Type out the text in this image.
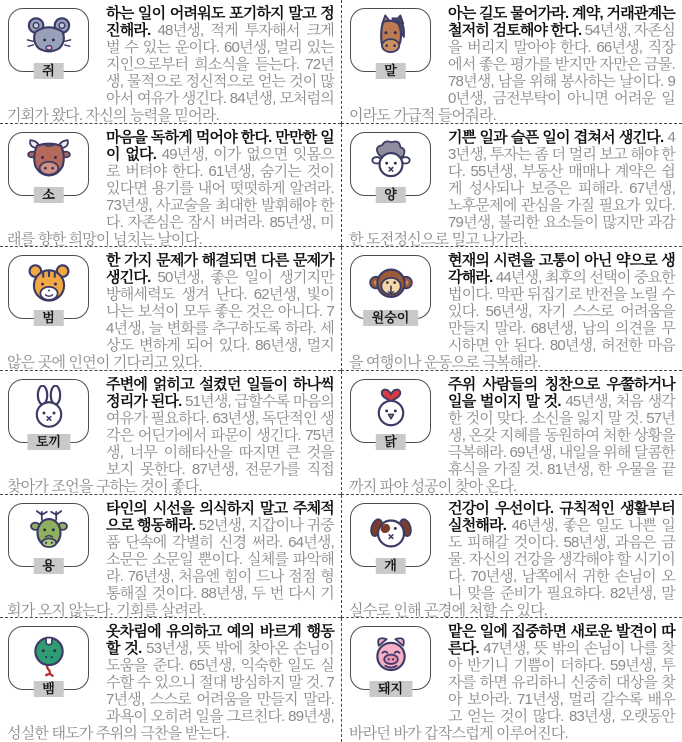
쥐

하는 일이 어려워도 포기하지 말고 정진해라. 48년생, 적게 투자해서 크게 벌 수 있는 운이다. 60년생, 멀리 있는 지인으로부터 희소식을 듣는다. 72년생, 물적으로 정신적으로 얻는 것이 많아서 여유가 생긴다. 84년생, 모처럼의 기회가 왔다. 자신의 능력을 믿어라.

말

아는 길도 물어가라. 계약, 거래관계는 철저히 검토해야 한다. 54년생, 자존심을 버리지 말아야 한다. 66년생, 직장에서 좋은 평가를 받지만 자만은 금물. 78년생, 남을 위해 봉사하는 날이다. 90년생, 금전부탁이 아니면 어려운 일이라도 가급적 들어줘라.

소

마음을 독하게 먹어야 한다. 만만한 일이 없다. 49년생, 이가 없으면 잇몸으로 버텨야 한다. 61년생, 숨기는 것이 있다면 용기를 내어 떳떳하게 알려라. 73년생, 사교술을 최대한 발휘해야 한다. 자존심은 잠시 버려라. 85년생, 미래를 향한 희망이 넘치는 날이다.

양

기쁜 일과 슬픈 일이 겹쳐서 생긴다. 43년생, 투자는 좀 더 멀리 보고 해야 한다. 55년생, 부동산 매매나 계약은 쉽게 성사되나 보증은 피해라. 67년생, 노후문제에 관심을 가질 필요가 있다. 79년생, 불리한 요소들이 많지만 과감한 도전정신으로 밀고 나가라.

범

한 가지 문제가 해결되면 다른 문제가 생긴다. 50년생, 좋은 일이 생기지만 방해세력도 생겨 난다. 62년생, 빛이 나는 보석이 모두 좋은 것은 아니다. 74년생, 늘 변화를 추구하도록 하라. 세상도 변하게 되어 있다. 86년생, 멀지 않은 곳에 인연이 기다리고 있다.

원숭이

현재의 시련을 고통이 아닌 약으로 생각해라. 44년생, 최후의 선택이 중요한 법이다. 막판 뒤집기로 반전을 노릴 수 있다. 56년생, 자기 스스로 어려움을 만들지 말라. 68년생, 남의 의견을 무시하면 안 된다. 80년생, 허전한 마음을 여행이나 운동으로 극복해라.

토끼

주변에 얽히고 설켰던 일들이 하나씩 정리가 된다. 51년생, 급할수록 마음의 여유가 필요하다. 63년생, 독단적인 생각은 어딘가에서 파문이 생긴다. 75년생, 너무 이해타산을 따지면 큰 것을 보지 못한다. 87년생, 전문가를 직접 찾아가 조언을 구하는 것이 좋다.

닭

주위 사람들의 칭찬으로 우쭐하거나 일을 벌이지 말 것. 45년생, 처음 생각한 것이 맞다. 소신을 잃지 말 것. 57년생, 온갖 지혜를 동원하여 처한 상황을 극복해라. 69년생, 내일을 위해 달콤한 휴식을 가질 것. 81년생, 한 우물을 끝까지 파야 성공이 찾아 온다.

용

타인의 시선을 의식하지 말고 주체적으로 행동해라. 52년생, 지갑이나 귀중품 단속에 각별히 신경 써라. 64년생, 소문은 소문일 뿐이다. 실체를 파악해라. 76년생, 처음엔 힘이 드나 점점 형통해질 것이다. 88년생, 두 번 다시 기회가 오지 않는다. 기회를 살려라.

개

건강이 우선이다. 규칙적인 생활부터 실천해라. 46년생, 좋은 일도 나쁜 일도 피해갈 것이다. 58년생, 과음은 금물. 자신의 건강을 생각해야 할 시기이다. 70년생, 남쪽에서 귀한 손님이 오니 맞을 준비가 필요하다. 82년생, 말실수로 인해 곤경에 처할 수 있다.

뱀

옷차림에 유의하고 예의 바르게 행동할 것. 53년생, 뜻 밖에 찾아온 손님이 도움을 준다. 65년생, 익숙한 일도 실수할 수 있으니 절대 방심하지 말 것. 77년생, 스스로 어려움을 만들지 말라. 과욕이 오히려 일을 그르친다. 89년생, 성실한 태도가 주위의 극찬을 받는다.

돼지

맡은 일에 집중하면 새로운 발견이 따른다. 47년생, 뜻 밖의 손님이 나를 찾아 반기니 기쁨이 더하다. 59년생, 투자를 하면 유리하니 신중히 대상을 찾아 보아라. 71년생, 멀리 갈수록 배우고 얻는 것이 많다. 83년생, 오랫동안 바라던 바가 갑작스럽게 이루어진다.
